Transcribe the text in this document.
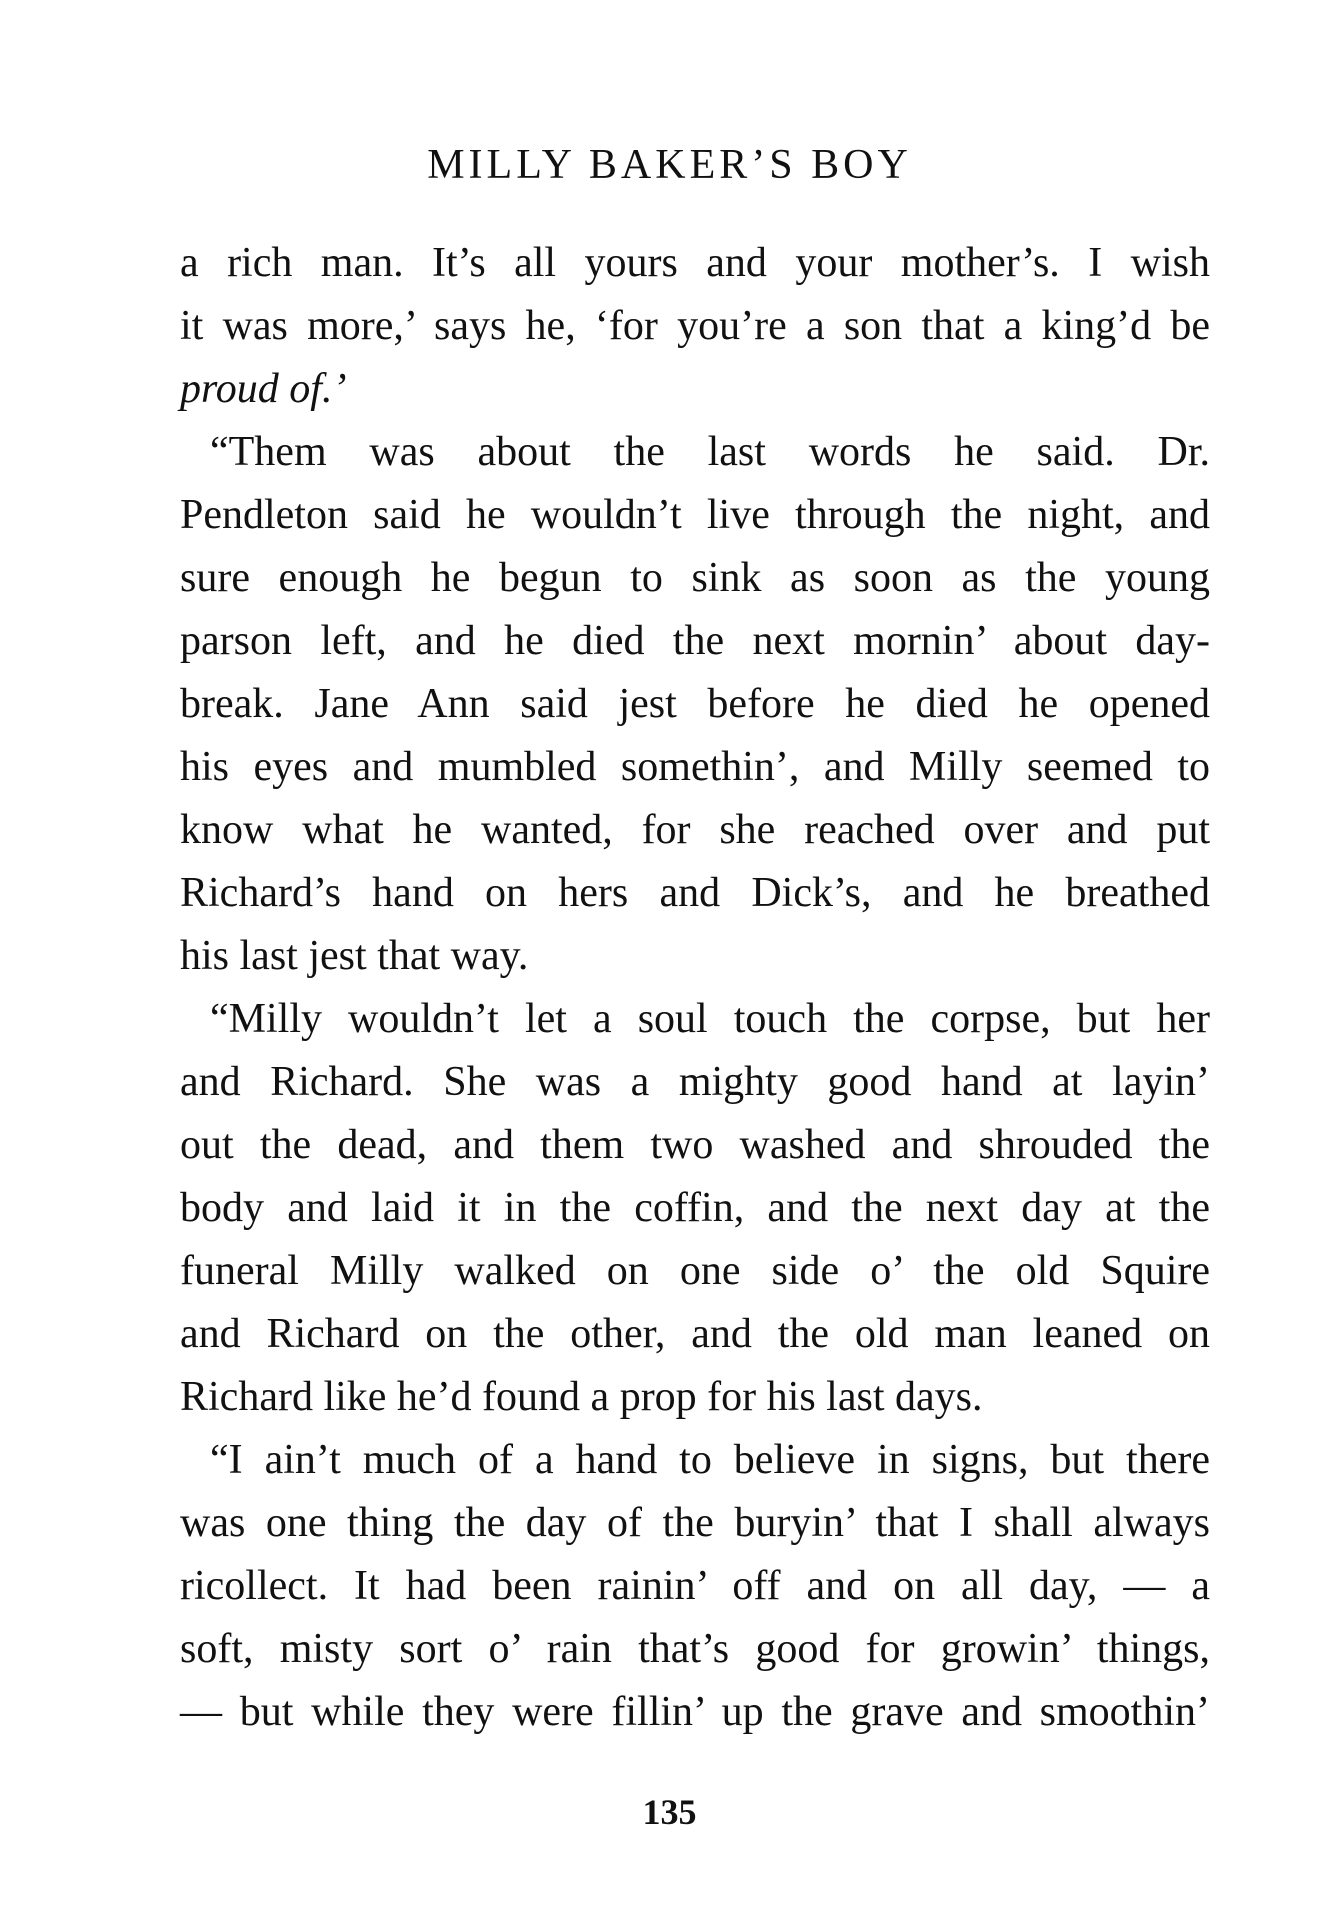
MILLY BAKER’S BOY
a rich man. It’s all yours and your mother’s. I wish
it was more,’ says he, ‘for you’re a son that a king’d be
proud of.’
“Them was about the last words he said. Dr.
Pendleton said he wouldn’t live through the night, and
sure enough he begun to sink as soon as the young
parson left, and he died the next mornin’ about day-
break. Jane Ann said jest before he died he opened
his eyes and mumbled somethin’, and Milly seemed to
know what he wanted, for she reached over and put
Richard’s hand on hers and Dick’s, and he breathed
his last jest that way.
“Milly wouldn’t let a soul touch the corpse, but her
and Richard. She was a mighty good hand at layin’
out the dead, and them two washed and shrouded the
body and laid it in the coffin, and the next day at the
funeral Milly walked on one side o’ the old Squire
and Richard on the other, and the old man leaned on
Richard like he’d found a prop for his last days.
“I ain’t much of a hand to believe in signs, but there
was one thing the day of the buryin’ that I shall always
ricollect. It had been rainin’ off and on all day, — a
soft, misty sort o’ rain that’s good for growin’ things,
— but while they were fillin’ up the grave and smoothin’
135
